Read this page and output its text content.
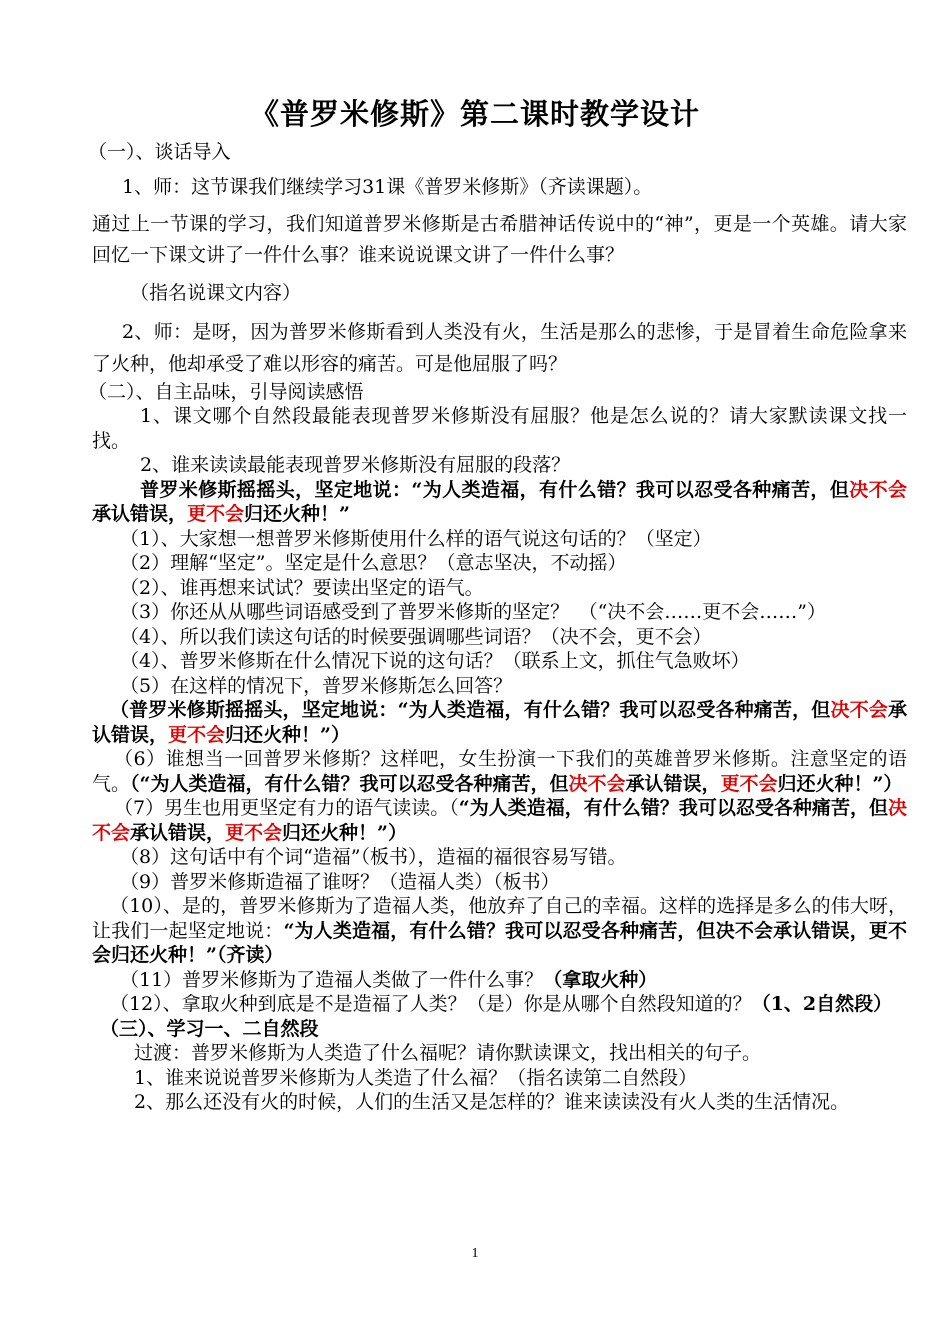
《普罗米修斯》第二课时教学设计

（一）、谈话导入

1、师：这节课我们继续学习31课《普罗米修斯》（齐读课题）。

通过上一节课的学习，我们知道普罗米修斯是古希腊神话传说中的“神”，更是一个英雄。请大家回忆一下课文讲了一件什么事？谁来说说课文讲了一件什么事？

（指名说课文内容）

2、师：是呀，因为普罗米修斯看到人类没有火，生活是那么的悲惨，于是冒着生命危险拿来了火种，他却承受了难以形容的痛苦。可是他屈服了吗？

（二）、自主品味，引导阅读感悟

1、课文哪个自然段最能表现普罗米修斯没有屈服？他是怎么说的？请大家默读课文找一找。

2、谁来读读最能表现普罗米修斯没有屈服的段落？

普罗米修斯摇摇头，坚定地说：“为人类造福，有什么错？我可以忍受各种痛苦，但决不会承认错误，更不会归还火种！”

（1）、大家想一想普罗米修斯使用什么样的语气说这句话的？（坚定）

（2）理解“坚定”。坚定是什么意思？（意志坚决，不动摇）

（2）、谁再想来试试？要读出坚定的语气。

（3）你还从从哪些词语感受到了普罗米修斯的坚定？　（“决不会……更不会……”）

（4）、所以我们读这句话的时候要强调哪些词语？（决不会，更不会）

（4）、普罗米修斯在什么情况下说的这句话？（联系上文，抓住气急败坏）

（5）在这样的情况下，普罗米修斯怎么回答？

（普罗米修斯摇摇头，坚定地说：“为人类造福，有什么错？我可以忍受各种痛苦，但决不会承认错误，更不会归还火种！”）

（6）谁想当一回普罗米修斯？这样吧，女生扮演一下我们的英雄普罗米修斯。注意坚定的语气。（“为人类造福，有什么错？我可以忍受各种痛苦，但决不会承认错误，更不会归还火种！”）

（7）男生也用更坚定有力的语气读读。（“为人类造福，有什么错？我可以忍受各种痛苦，但决不会承认错误，更不会归还火种！”）

（8）这句话中有个词“造福”（板书），造福的福很容易写错。

（9）普罗米修斯造福了谁呀？（造福人类）（板书）

（10）、是的，普罗米修斯为了造福人类，他放弃了自己的幸福。这样的选择是多么的伟大呀，让我们一起坚定地说：“为人类造福，有什么错？我可以忍受各种痛苦，但决不会承认错误，更不会归还火种！”（齐读）

（11）普罗米修斯为了造福人类做了一件什么事？（拿取火种）

（12）、拿取火种到底是不是造福了人类？（是）你是从哪个自然段知道的？（1、2自然段）

（三）、学习一、二自然段

过渡：普罗米修斯为人类造了什么福呢？请你默读课文，找出相关的句子。

1、谁来说说普罗米修斯为人类造了什么福？（指名读第二自然段）

2、那么还没有火的时候，人们的生活又是怎样的？谁来读读没有火人类的生活情况。

1
